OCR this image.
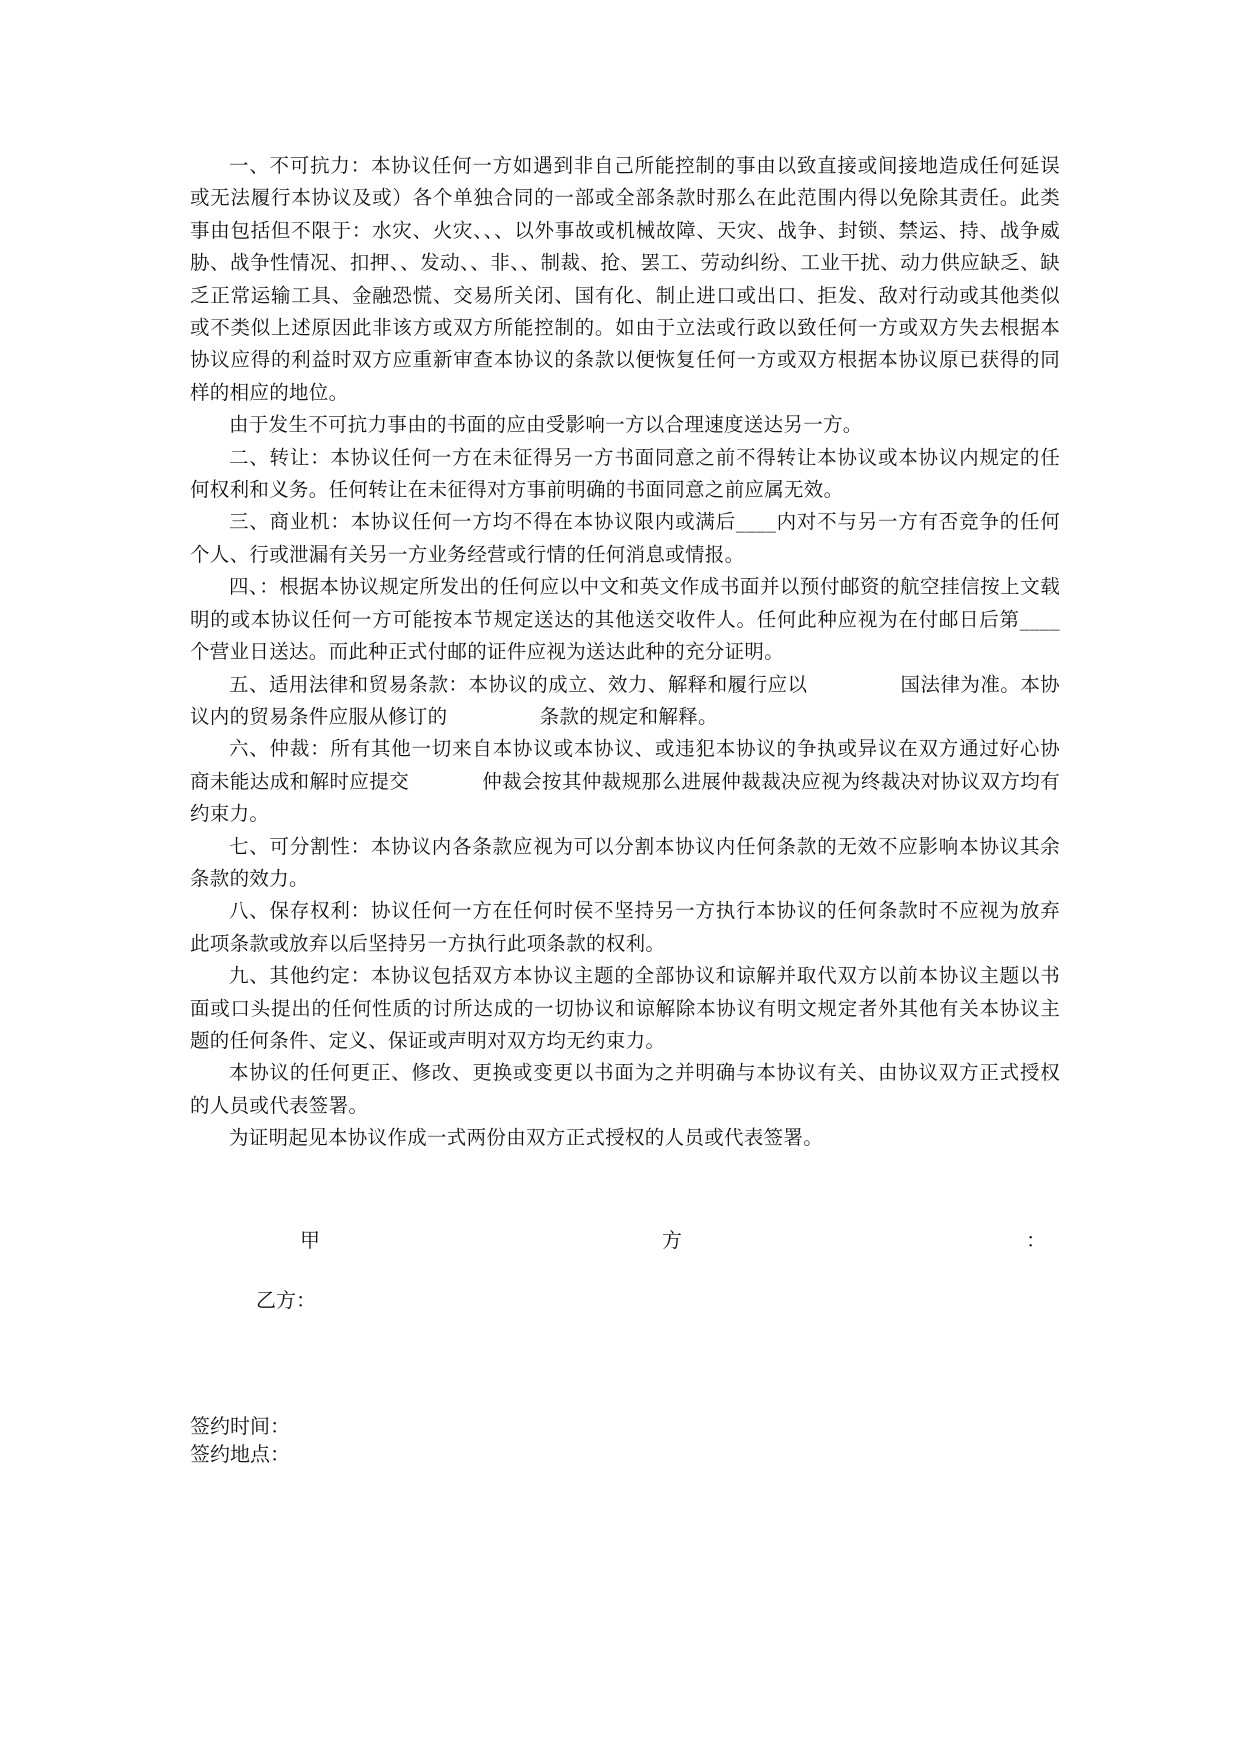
一、不可抗力：本协议任何一方如遇到非自己所能控制的事由以致直接或间接地造成任何延误或无法履行本协议及或）各个单独合同的一部或全部条款时那么在此范围内得以免除其责任。此类事由包括但不限于：水灾、火灾、、、以外事故或机械故障、天灾、战争、封锁、禁运、持、战争威胁、战争性情况、扣押、、发动、、非、、制裁、抢、罢工、劳动纠纷、工业干扰、动力供应缺乏、缺乏正常运输工具、金融恐慌、交易所关闭、国有化、制止进口或出口、拒发、敌对行动或其他类似或不类似上述原因此非该方或双方所能控制的。如由于立法或行政以致任何一方或双方失去根据本协议应得的利益时双方应重新审查本协议的条款以便恢复任何一方或双方根据本协议原已获得的同样的相应的地位。

由于发生不可抗力事由的书面的应由受影响一方以合理速度送达另一方。

二、转让：本协议任何一方在未征得另一方书面同意之前不得转让本协议或本协议内规定的任何权利和义务。任何转让在未征得对方事前明确的书面同意之前应属无效。

三、商业机：本协议任何一方均不得在本协议限内或满后____内对不与另一方有否竞争的任何个人、行或泄漏有关另一方业务经营或行情的任何消息或情报。

四、：根据本协议规定所发出的任何应以中文和英文作成书面并以预付邮资的航空挂信按上文载明的或本协议任何一方可能按本节规定送达的其他送交收件人。任何此种应视为在付邮日后第____个营业日送达。而此种正式付邮的证件应视为送达此种的充分证明。

五、适用法律和贸易条款：本协议的成立、效力、解释和履行应以 　　　　 国法律为准。本协议内的贸易条件应服从修订的 　　　　 条款的规定和解释。

六、仲裁：所有其他一切来自本协议或本协议、或违犯本协议的争执或异议在双方通过好心协商未能达成和解时应提交 　　　 仲裁会按其仲裁规那么进展仲裁裁决应视为终裁决对协议双方均有约束力。

七、可分割性：本协议内各条款应视为可以分割本协议内任何条款的无效不应影响本协议其余条款的效力。

八、保存权利：协议任何一方在任何时侯不坚持另一方执行本协议的任何条款时不应视为放弃此项条款或放弃以后坚持另一方执行此项条款的权利。

九、其他约定：本协议包括双方本协议主题的全部协议和谅解并取代双方以前本协议主题以书面或口头提出的任何性质的讨所达成的一切协议和谅解除本协议有明文规定者外其他有关本协议主题的任何条件、定义、保证或声明对双方均无约束力。

本协议的任何更正、修改、更换或变更以书面为之并明确与本协议有关、由协议双方正式授权的人员或代表签署。

为证明起见本协议作成一式两份由双方正式授权的人员或代表签署。

甲	方	：
乙方：
签约时间：
签约地点：
